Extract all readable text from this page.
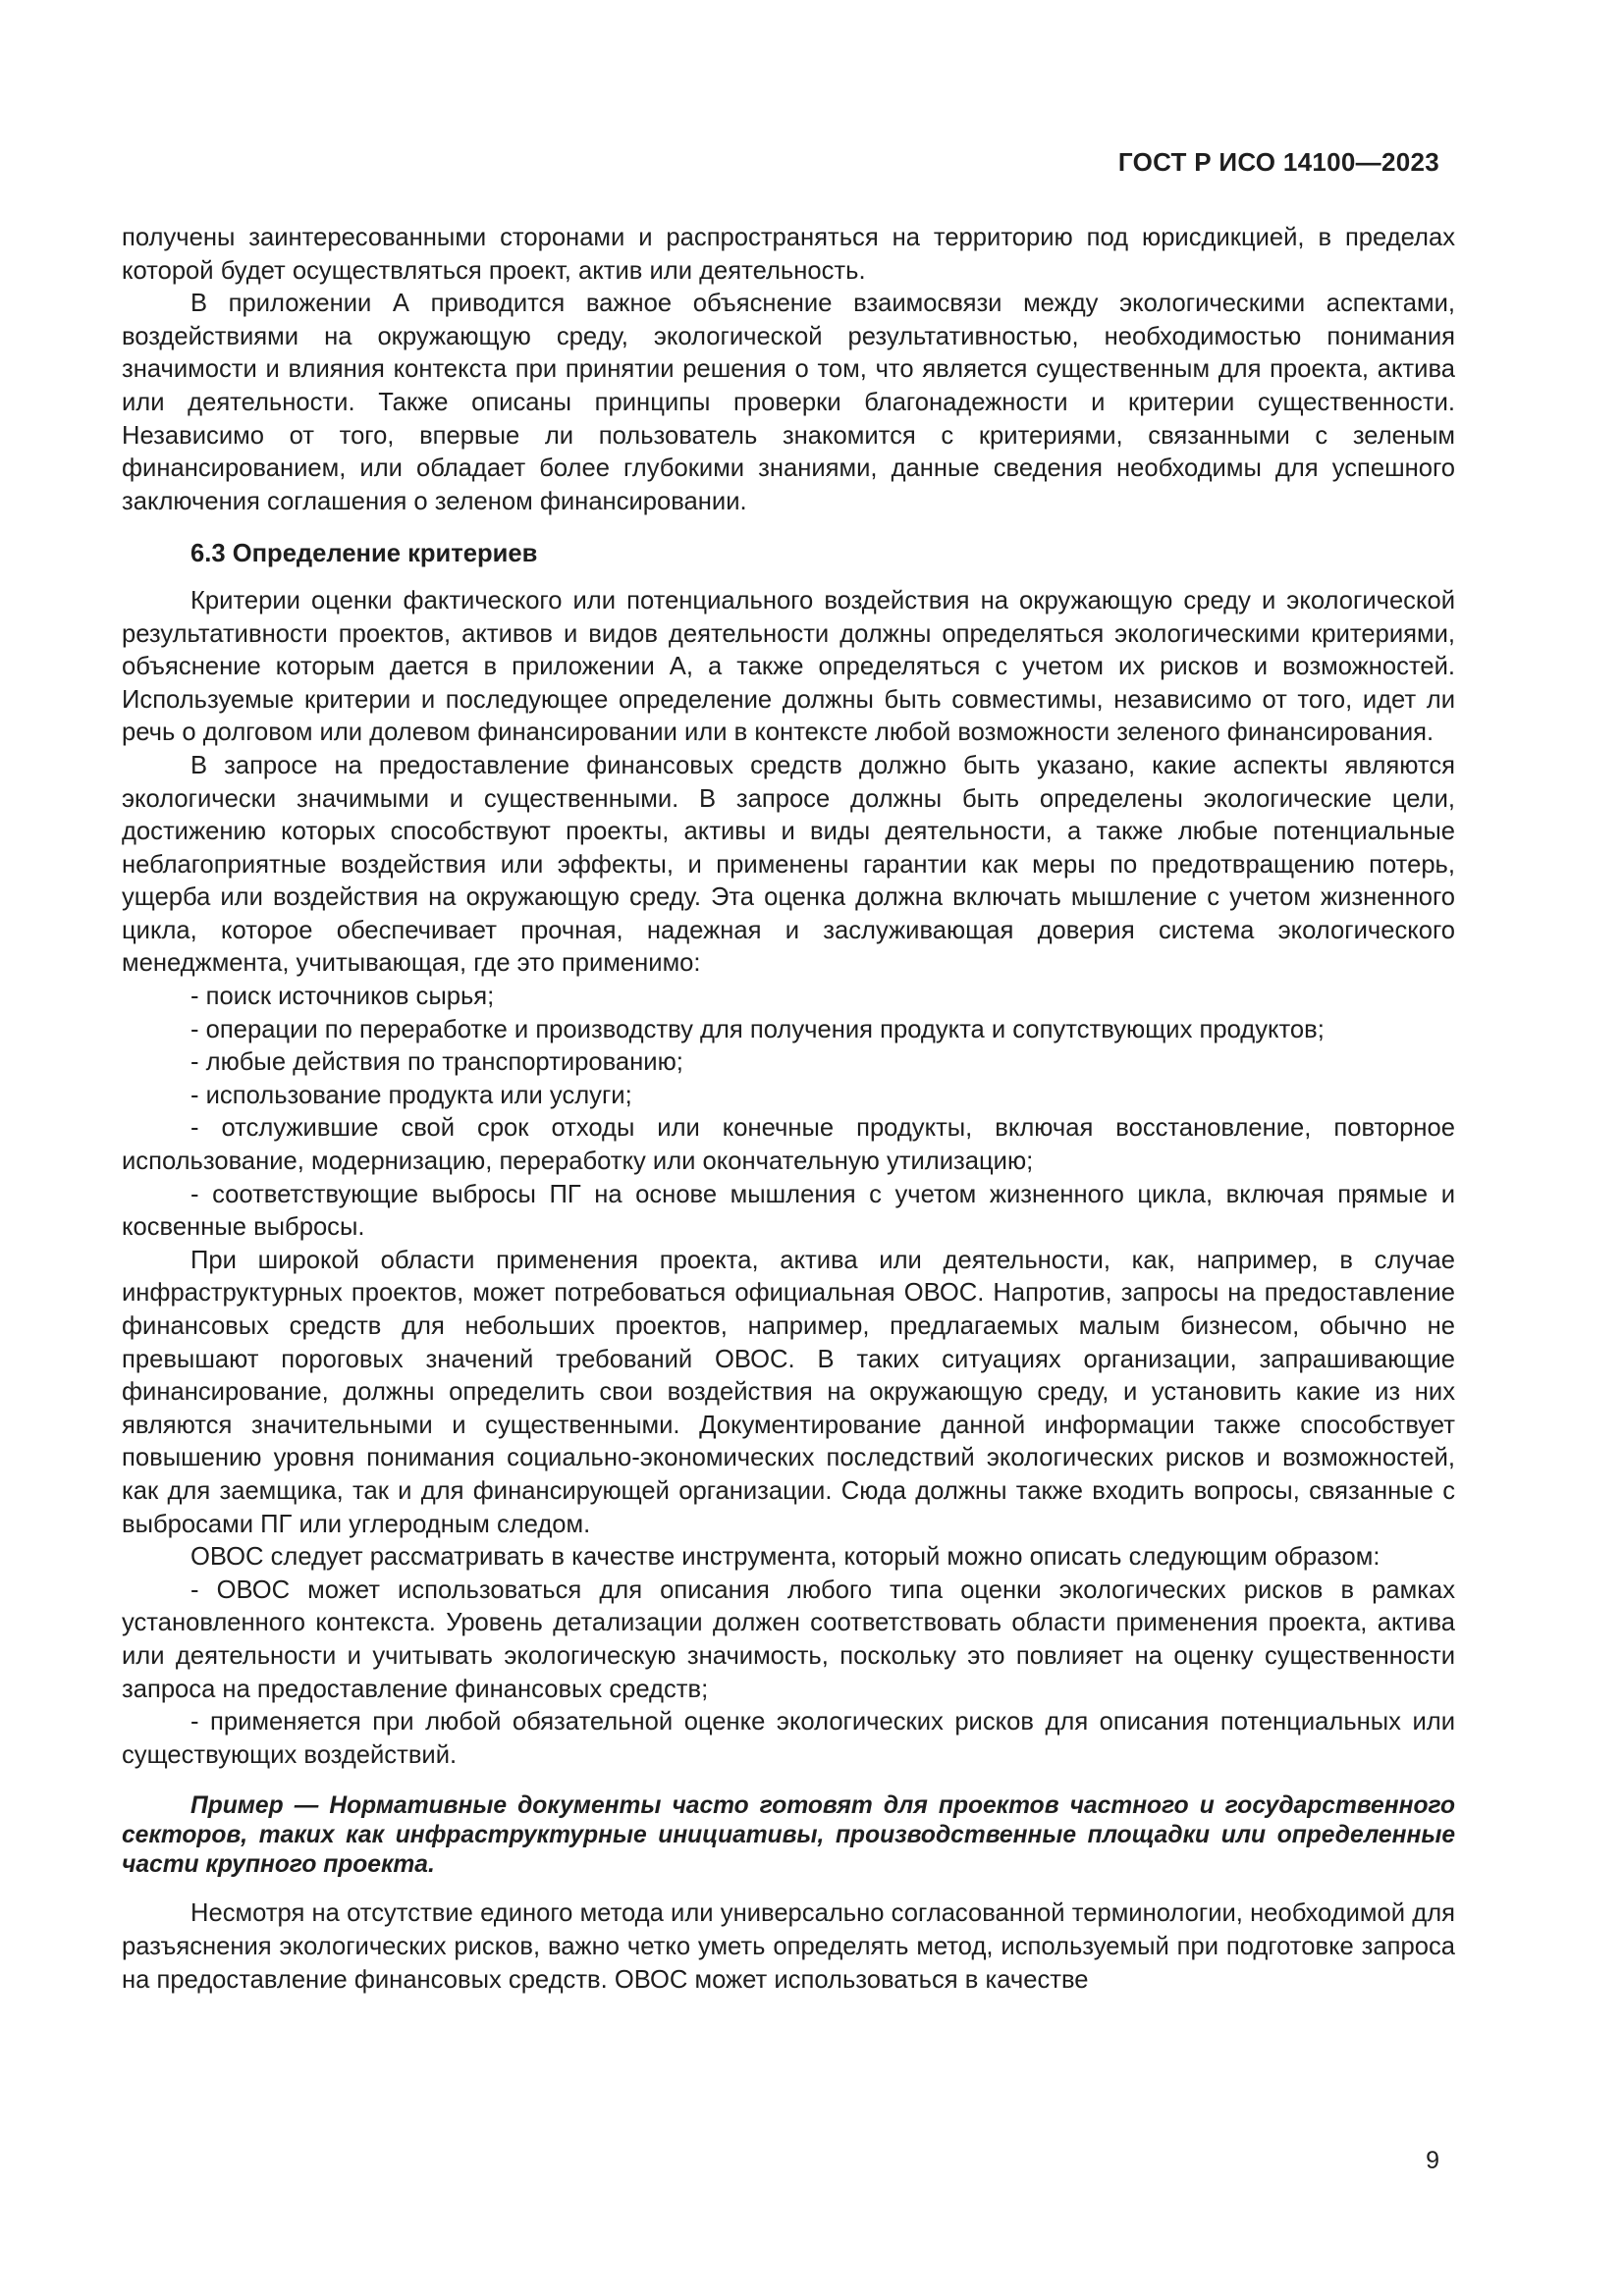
ГОСТ Р ИСО 14100—2023

получены заинтересованными сторонами и распространяться на территорию под юрисдикцией, в пределах которой будет осуществляться проект, актив или деятельность.

В приложении А приводится важное объяснение взаимосвязи между экологическими аспектами, воздействиями на окружающую среду, экологической результативностью, необходимостью понимания значимости и влияния контекста при принятии решения о том, что является существенным для проекта, актива или деятельности. Также описаны принципы проверки благонадежности и критерии существенности. Независимо от того, впервые ли пользователь знакомится с критериями, связанными с зеленым финансированием, или обладает более глубокими знаниями, данные сведения необходимы для успешного заключения соглашения о зеленом финансировании.

6.3 Определение критериев

Критерии оценки фактического или потенциального воздействия на окружающую среду и экологической результативности проектов, активов и видов деятельности должны определяться экологическими критериями, объяснение которым дается в приложении А, а также определяться с учетом их рисков и возможностей. Используемые критерии и последующее определение должны быть совместимы, независимо от того, идет ли речь о долговом или долевом финансировании или в контексте любой возможности зеленого финансирования.

В запросе на предоставление финансовых средств должно быть указано, какие аспекты являются экологически значимыми и существенными. В запросе должны быть определены экологические цели, достижению которых способствуют проекты, активы и виды деятельности, а также любые потенциальные неблагоприятные воздействия или эффекты, и применены гарантии как меры по предотвращению потерь, ущерба или воздействия на окружающую среду. Эта оценка должна включать мышление с учетом жизненного цикла, которое обеспечивает прочная, надежная и заслуживающая доверия система экологического менеджмента, учитывающая, где это применимо:

- поиск источников сырья;
- операции по переработке и производству для получения продукта и сопутствующих продуктов;
- любые действия по транспортированию;
- использование продукта или услуги;
- отслужившие свой срок отходы или конечные продукты, включая восстановление, повторное использование, модернизацию, переработку или окончательную утилизацию;
- соответствующие выбросы ПГ на основе мышления с учетом жизненного цикла, включая прямые и косвенные выбросы.

При широкой области применения проекта, актива или деятельности, как, например, в случае инфраструктурных проектов, может потребоваться официальная ОВОС. Напротив, запросы на предоставление финансовых средств для небольших проектов, например, предлагаемых малым бизнесом, обычно не превышают пороговых значений требований ОВОС. В таких ситуациях организации, запрашивающие финансирование, должны определить свои воздействия на окружающую среду, и установить какие из них являются значительными и существенными. Документирование данной информации также способствует повышению уровня понимания социально-экономических последствий экологических рисков и возможностей, как для заемщика, так и для финансирующей организации. Сюда должны также входить вопросы, связанные с выбросами ПГ или углеродным следом.

ОВОС следует рассматривать в качестве инструмента, который можно описать следующим образом:

- ОВОС может использоваться для описания любого типа оценки экологических рисков в рамках установленного контекста. Уровень детализации должен соответствовать области применения проекта, актива или деятельности и учитывать экологическую значимость, поскольку это повлияет на оценку существенности запроса на предоставление финансовых средств;
- применяется при любой обязательной оценке экологических рисков для описания потенциальных или существующих воздействий.

Пример — Нормативные документы часто готовят для проектов частного и государственного секторов, таких как инфраструктурные инициативы, производственные площадки или определенные части крупного проекта.

Несмотря на отсутствие единого метода или универсально согласованной терминологии, необходимой для разъяснения экологических рисков, важно четко уметь определять метод, используемый при подготовке запроса на предоставление финансовых средств. ОВОС может использоваться в качестве

9
